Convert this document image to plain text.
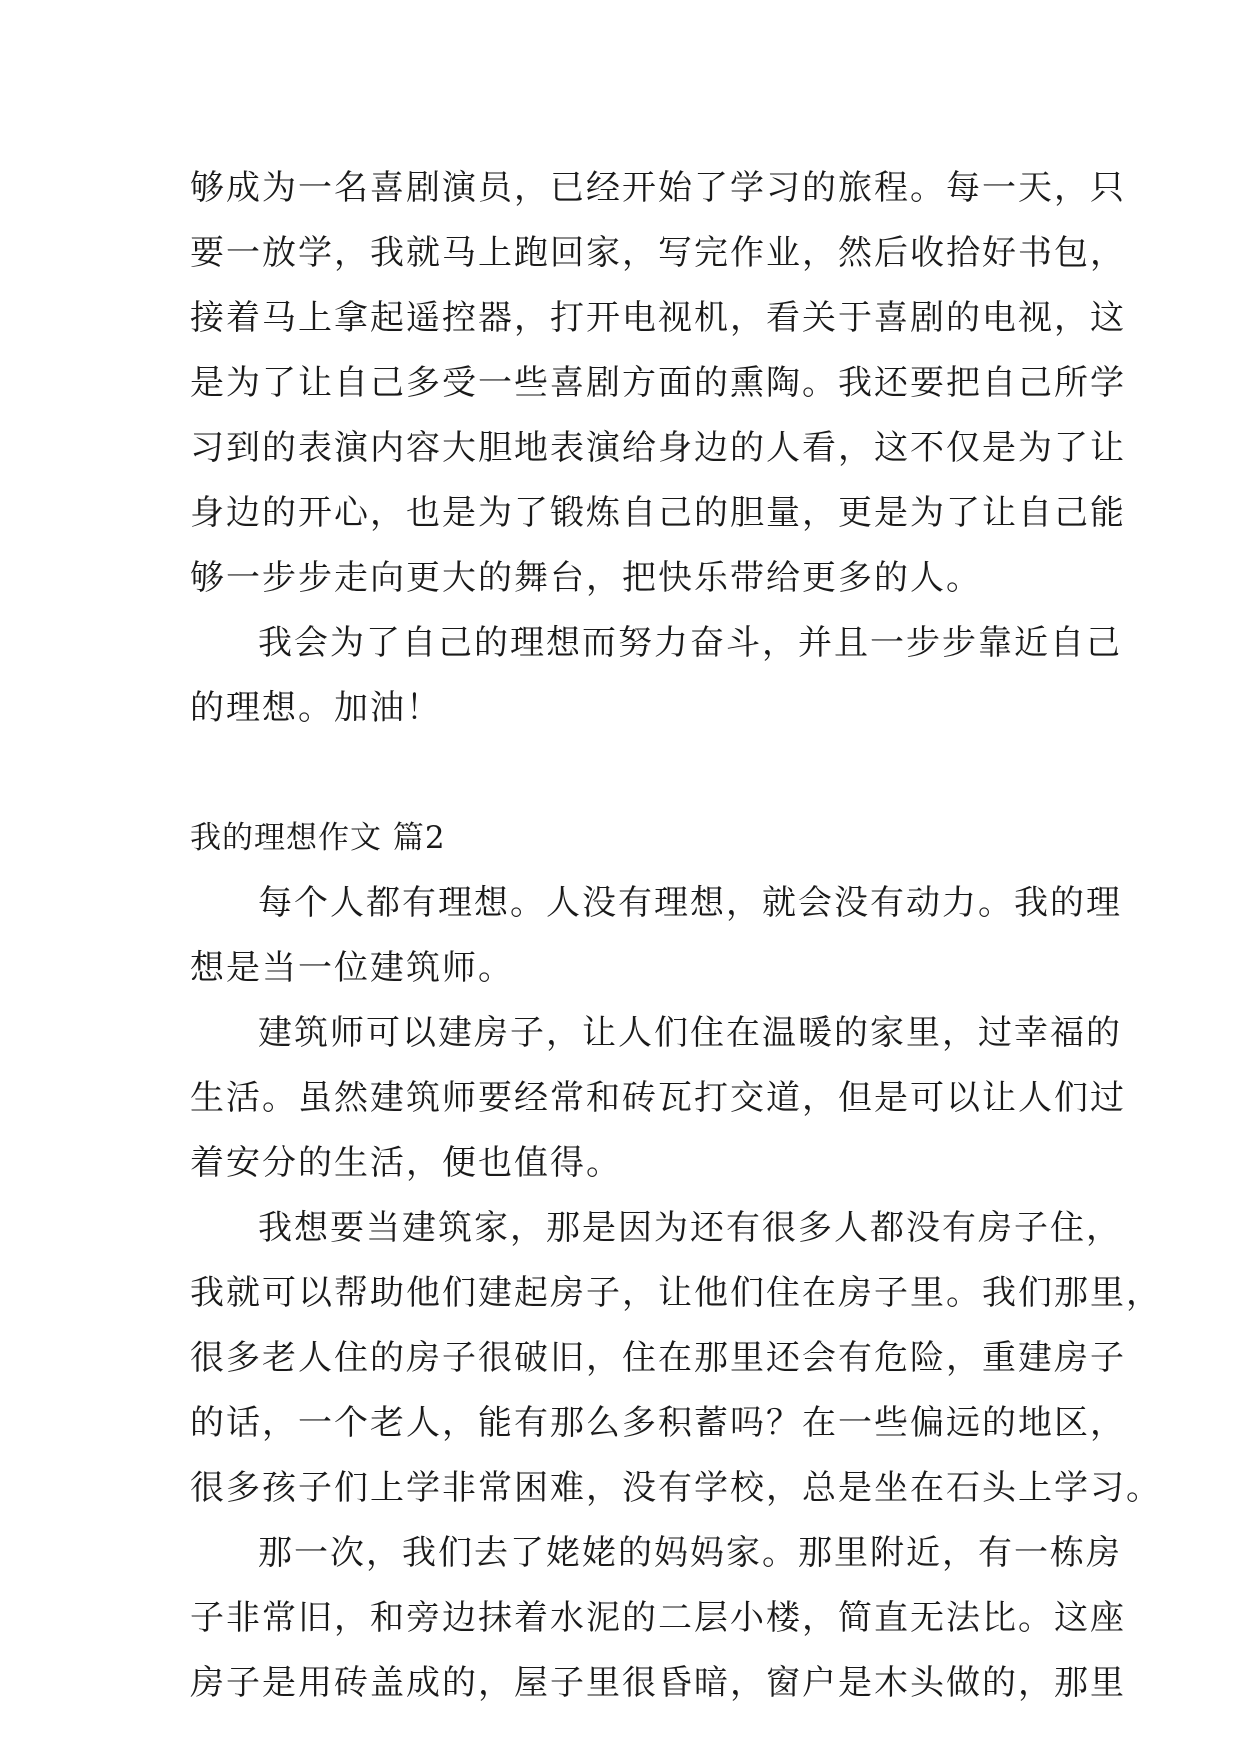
够成为一名喜剧演员，已经开始了学习的旅程。每一天，只
要一放学，我就马上跑回家，写完作业，然后收拾好书包，
接着马上拿起遥控器，打开电视机，看关于喜剧的电视，这
是为了让自己多受一些喜剧方面的熏陶。我还要把自己所学
习到的表演内容大胆地表演给身边的人看，这不仅是为了让
身边的开心，也是为了锻炼自己的胆量，更是为了让自己能
够一步步走向更大的舞台，把快乐带给更多的人。
我会为了自己的理想而努力奋斗，并且一步步靠近自己
的理想。加油！
我的理想作文 篇2
每个人都有理想。人没有理想，就会没有动力。我的理
想是当一位建筑师。
建筑师可以建房子，让人们住在温暖的家里，过幸福的
生活。虽然建筑师要经常和砖瓦打交道，但是可以让人们过
着安分的生活，便也值得。
我想要当建筑家，那是因为还有很多人都没有房子住，
我就可以帮助他们建起房子，让他们住在房子里。我们那里，
很多老人住的房子很破旧，住在那里还会有危险，重建房子
的话，一个老人，能有那么多积蓄吗？在一些偏远的地区，
很多孩子们上学非常困难，没有学校，总是坐在石头上学习。
那一次，我们去了姥姥的妈妈家。那里附近，有一栋房
子非常旧，和旁边抹着水泥的二层小楼，简直无法比。这座
房子是用砖盖成的，屋子里很昏暗，窗户是木头做的，那里
